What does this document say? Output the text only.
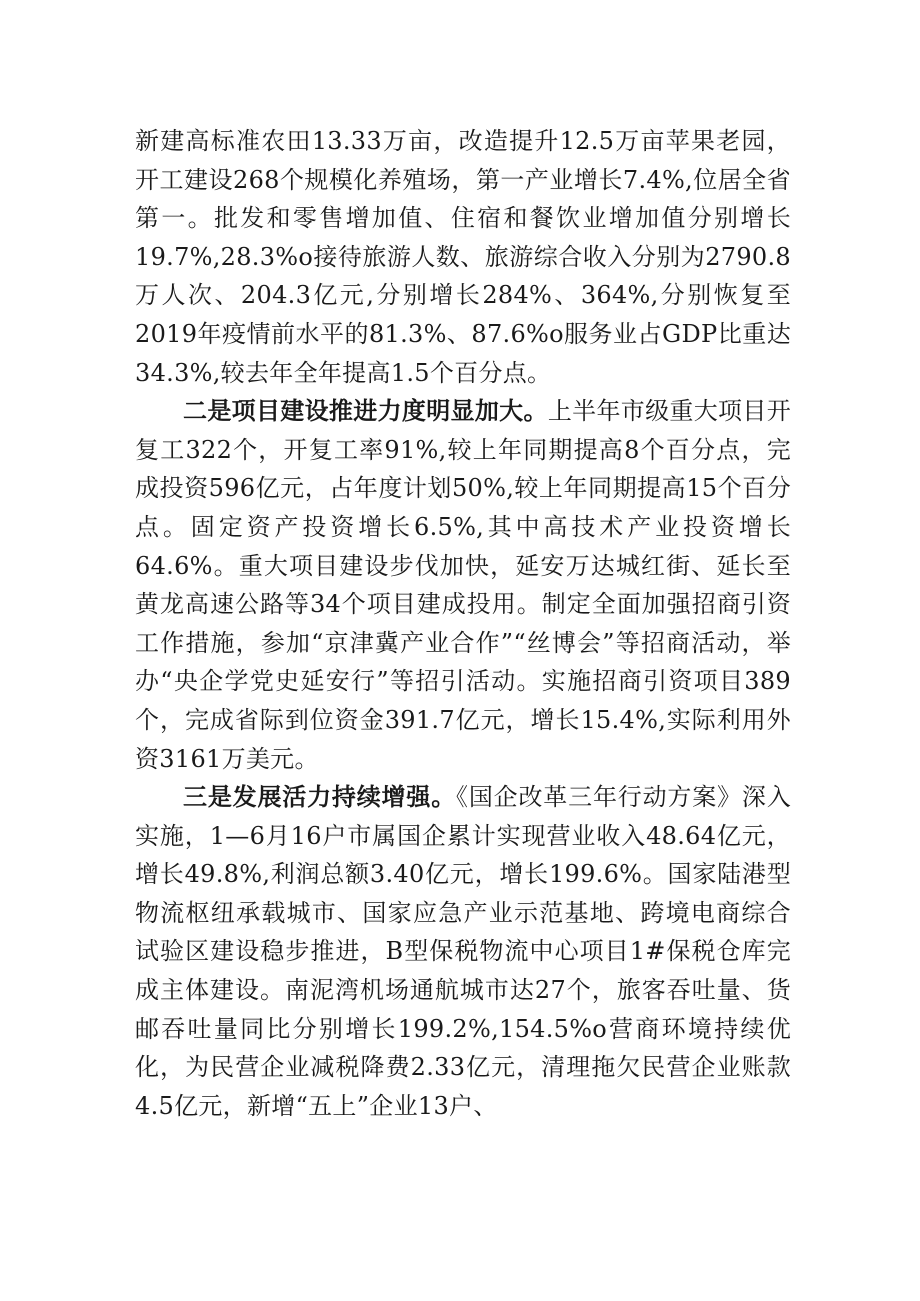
新建高标准农田13.33万亩，改造提升12.5万亩苹果老园，开工建设268个规模化养殖场，第一产业增长7.4%,位居全省第一。批发和零售增加值、住宿和餐饮业增加值分别增长19.7%,28.3%o接待旅游人数、旅游综合收入分别为2790.8万人次、204.3亿元,分别增长284%、364%,分别恢复至2019年疫情前水平的81.3%、87.6%o服务业占GDP比重达34.3%,较去年全年提高1.5个百分点。

二是项目建设推进力度明显加大。上半年市级重大项目开复工322个，开复工率91%,较上年同期提高8个百分点，完成投资596亿元，占年度计划50%,较上年同期提高15个百分点。固定资产投资增长6.5%,其中高技术产业投资增长64.6%。重大项目建设步伐加快，延安万达城红街、延长至黄龙高速公路等34个项目建成投用。制定全面加强招商引资工作措施，参加“京津冀产业合作”“丝博会”等招商活动，举办“央企学党史延安行”等招引活动。实施招商引资项目389个，完成省际到位资金391.7亿元，增长15.4%,实际利用外资3161万美元。

三是发展活力持续增强。《国企改革三年行动方案》深入实施，1—6月16户市属国企累计实现营业收入48.64亿元，增长49.8%,利润总额3.40亿元，增长199.6%。国家陆港型物流枢纽承载城市、国家应急产业示范基地、跨境电商综合试验区建设稳步推进，B型保税物流中心项目1#保税仓库完成主体建设。南泥湾机场通航城市达27个，旅客吞吐量、货邮吞吐量同比分别增长199.2%,154.5%o营商环境持续优化，为民营企业减税降费2.33亿元，清理拖欠民营企业账款4.5亿元，新增“五上”企业13户、
